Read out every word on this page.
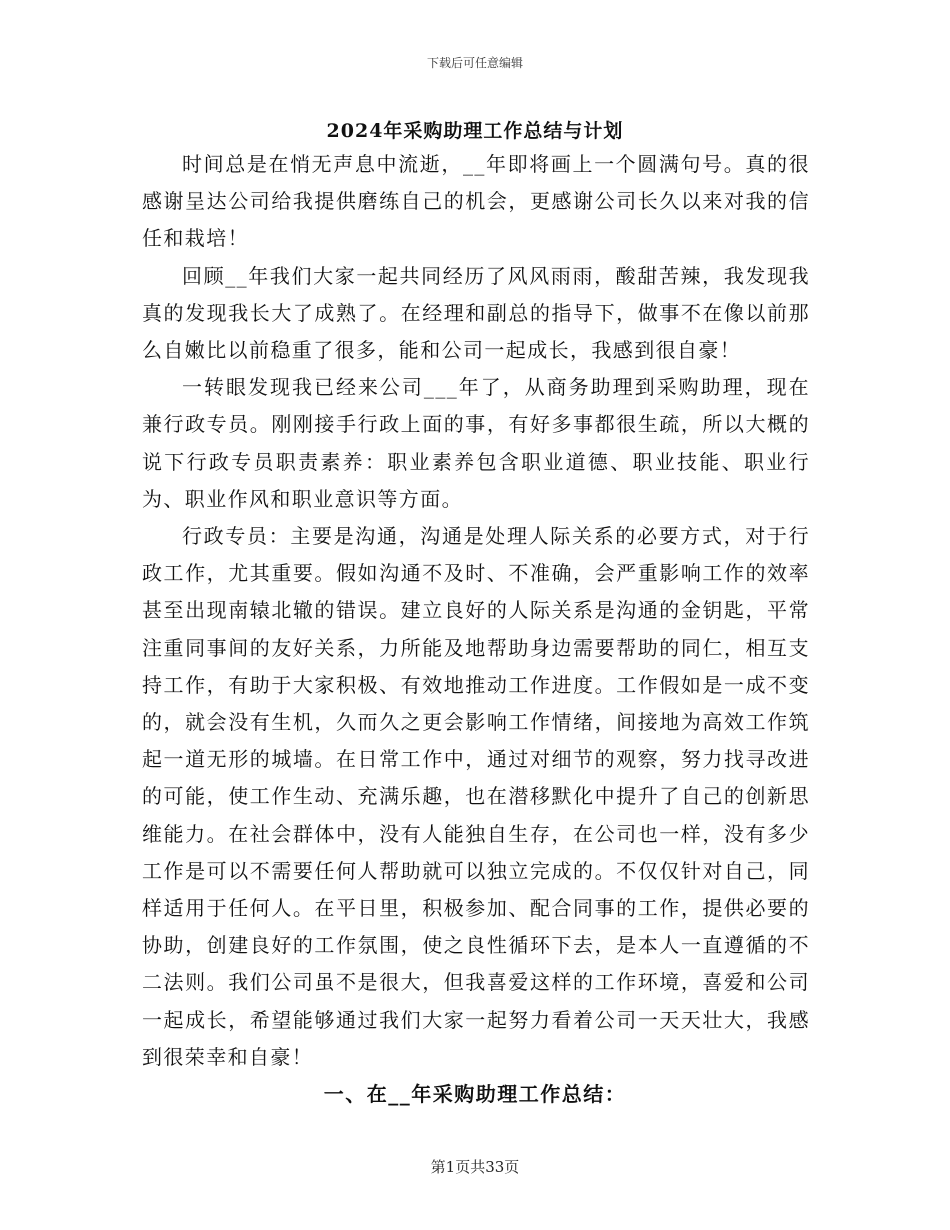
下载后可任意编辑
2024年采购助理工作总结与计划

时间总是在悄无声息中流逝，__年即将画上一个圆满句号。真的很感谢呈达公司给我提供磨练自己的机会，更感谢公司长久以来对我的信任和栽培！

回顾__年我们大家一起共同经历了风风雨雨，酸甜苦辣，我发现我真的发现我长大了成熟了。在经理和副总的指导下，做事不在像以前那么自嫩比以前稳重了很多，能和公司一起成长，我感到很自豪！

一转眼发现我已经来公司___年了，从商务助理到采购助理，现在兼行政专员。刚刚接手行政上面的事，有好多事都很生疏，所以大概的说下行政专员职责素养：职业素养包含职业道德、职业技能、职业行为、职业作风和职业意识等方面。

行政专员：主要是沟通，沟通是处理人际关系的必要方式，对于行政工作，尤其重要。假如沟通不及时、不准确，会严重影响工作的效率甚至出现南辕北辙的错误。建立良好的人际关系是沟通的金钥匙，平常注重同事间的友好关系，力所能及地帮助身边需要帮助的同仁，相互支持工作，有助于大家积极、有效地推动工作进度。工作假如是一成不变的，就会没有生机，久而久之更会影响工作情绪，间接地为高效工作筑起一道无形的城墙。在日常工作中，通过对细节的观察，努力找寻改进的可能，使工作生动、充满乐趣，也在潜移默化中提升了自己的创新思维能力。在社会群体中，没有人能独自生存，在公司也一样，没有多少工作是可以不需要任何人帮助就可以独立完成的。不仅仅针对自己，同样适用于任何人。在平日里，积极参加、配合同事的工作，提供必要的协助，创建良好的工作氛围，使之良性循环下去，是本人一直遵循的不二法则。我们公司虽不是很大，但我喜爱这样的工作环境，喜爱和公司一起成长，希望能够通过我们大家一起努力看着公司一天天壮大，我感到很荣幸和自豪！

一、在__年采购助理工作总结：
第1页共33页
